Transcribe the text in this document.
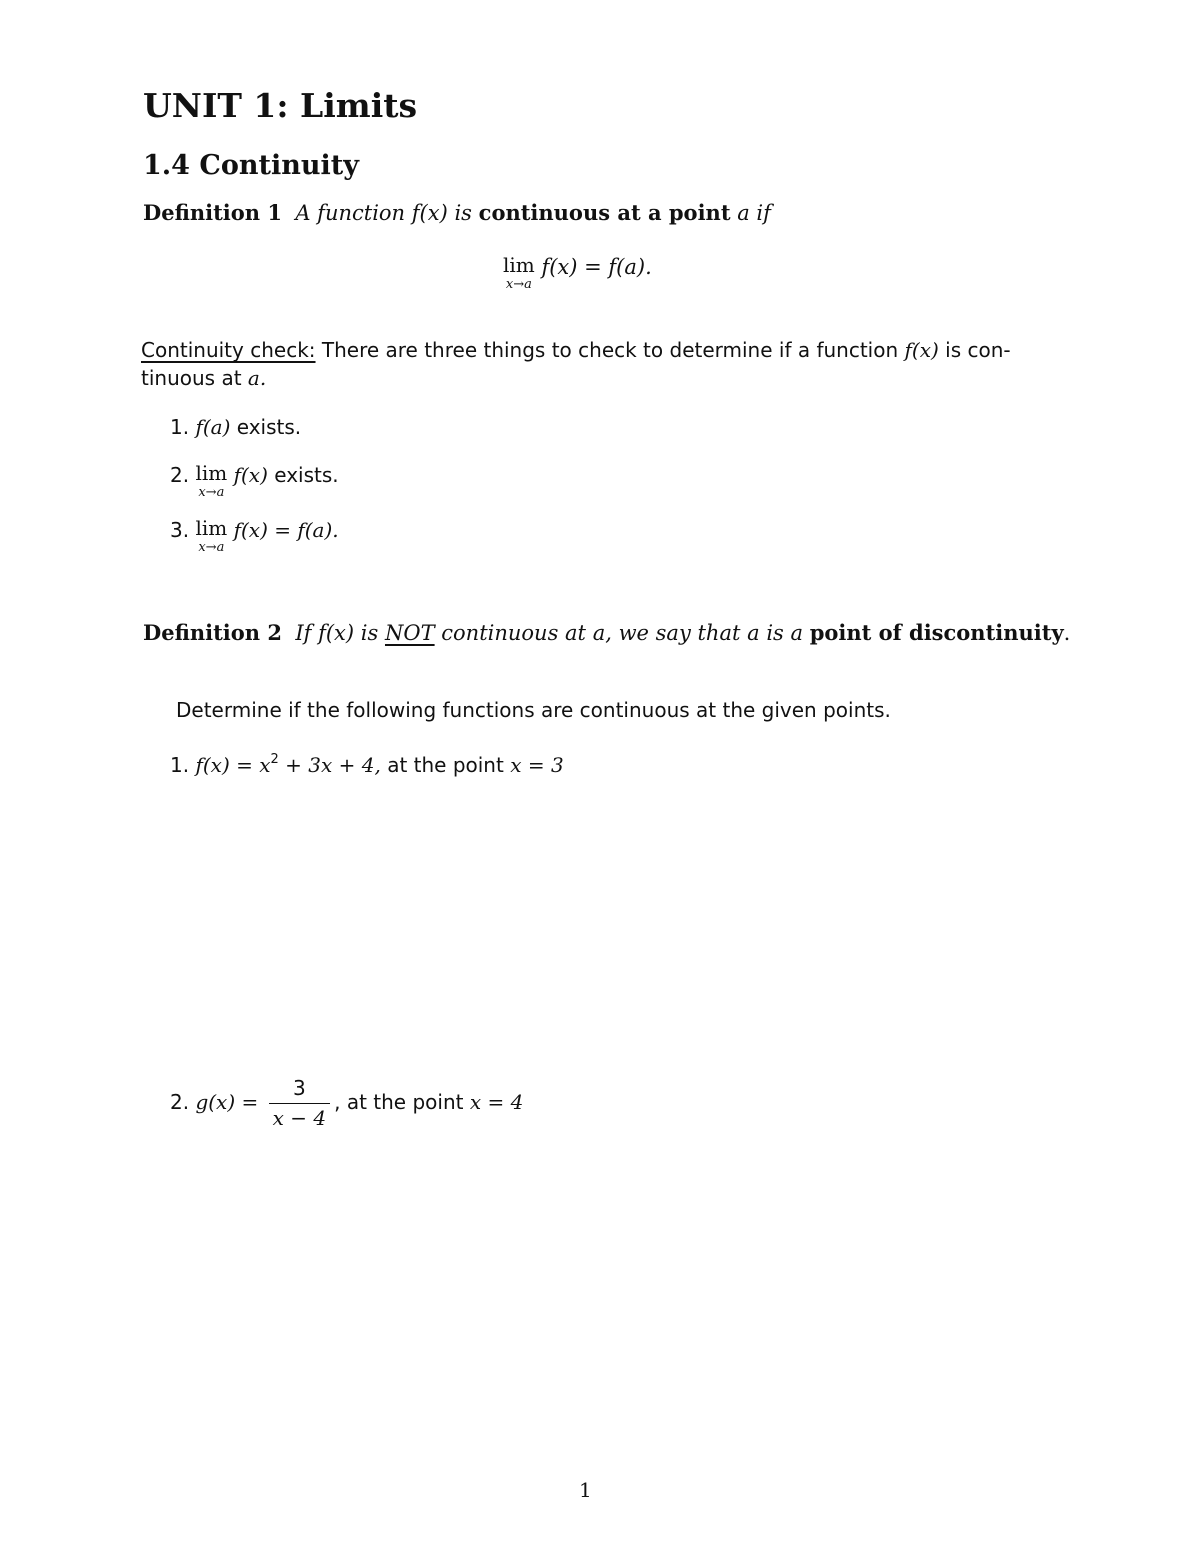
UNIT 1: Limits
1.4 Continuity
Definition 1 A function f(x) is continuous at a point a if
lim
x→a
f(x) = f(a).
Continuity check: There are three things to check to determine if a function f(x) is con-
tinuous at a.
1. f(a) exists.
2. lim
x→a
f(x) exists.
3. lim
x→a
f(x) = f(a).
Definition 2 If f(x) is NOT continuous at a, we say that a is a point of discontinuity.
Determine if the following functions are continuous at the given points.
1. $f(x) = x^2 + 3x + 4$, at the point x = 3
2. $g(x) = \frac{3}{x - 4}$ , at the point x = 4
1
